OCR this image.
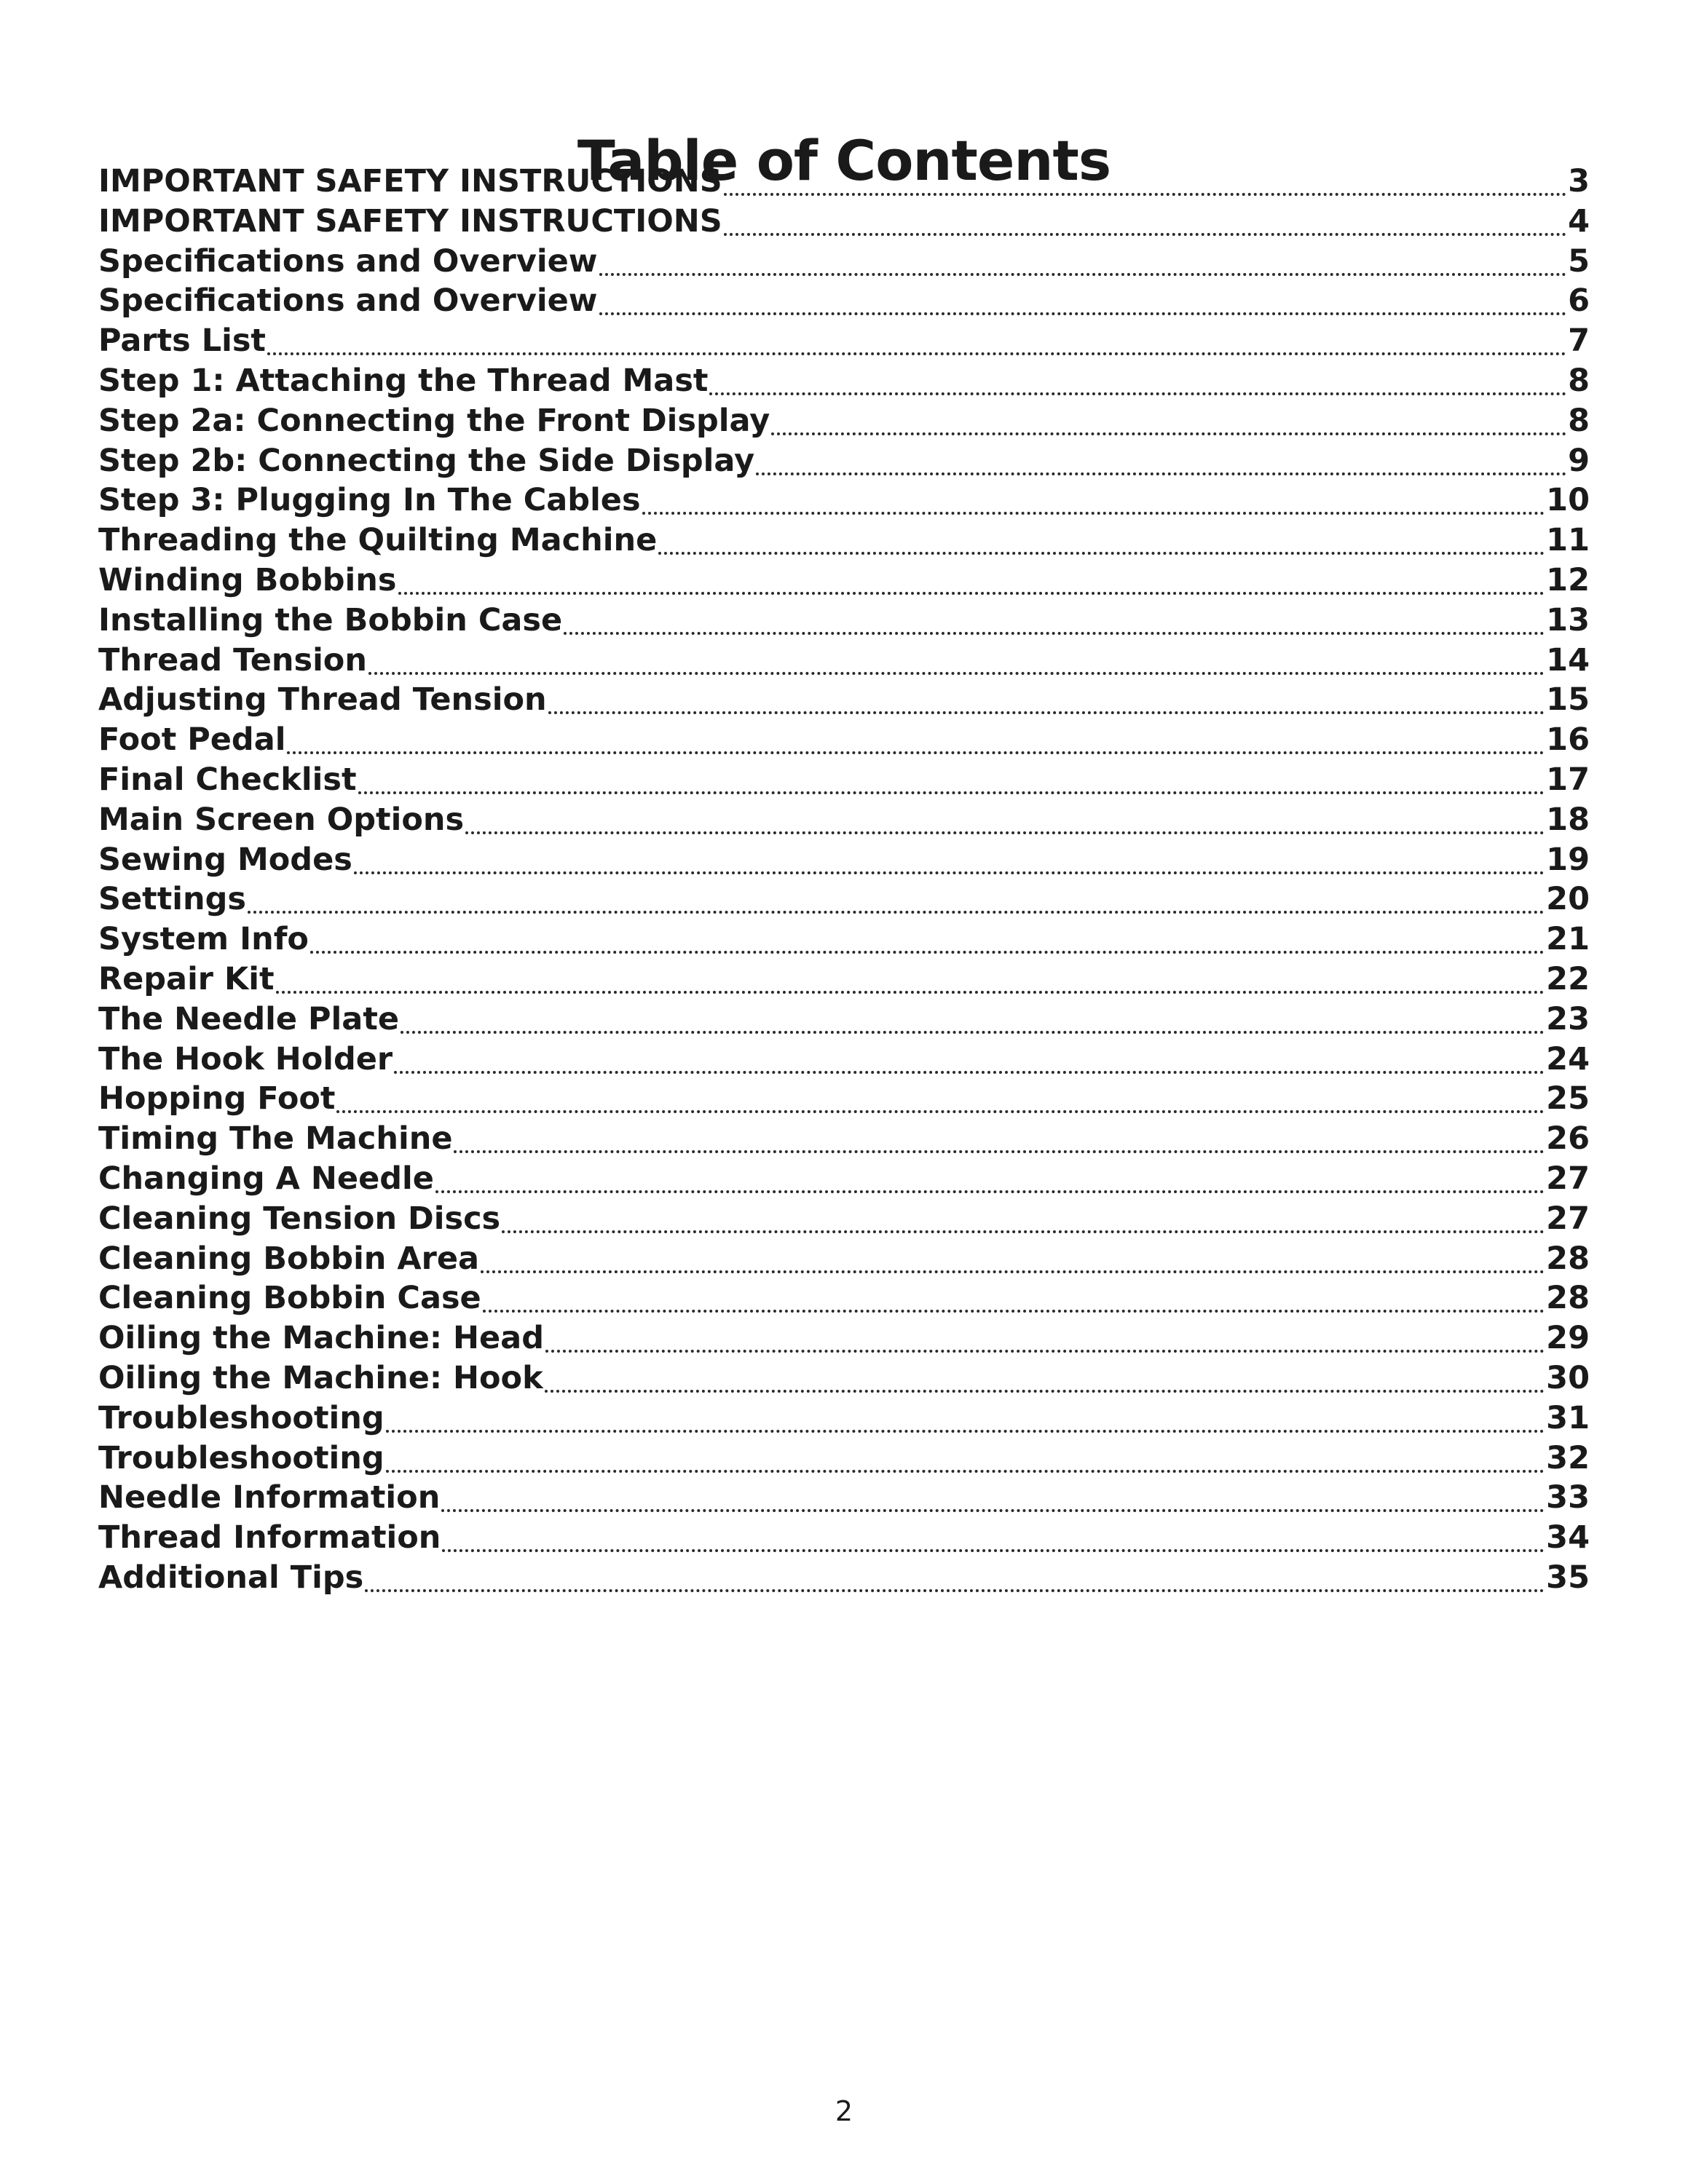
Table of Contents
IMPORTANT SAFETY INSTRUCTIONS	3
IMPORTANT SAFETY INSTRUCTIONS	4
Specifications and Overview	5
Specifications and Overview	6
Parts List	7
Step 1: Attaching the Thread Mast	8
Step 2a: Connecting the Front Display	8
Step 2b: Connecting the Side Display	9
Step 3: Plugging In The Cables	10
Threading the Quilting Machine	11
Winding Bobbins	12
Installing the Bobbin Case	13
Thread Tension	14
Adjusting Thread Tension	15
Foot Pedal	16
Final Checklist	17
Main Screen Options	18
Sewing Modes	19
Settings	20
System Info	21
Repair Kit	22
The Needle Plate	23
The Hook Holder	24
Hopping Foot	25
Timing The Machine	26
Changing A Needle	27
Cleaning Tension Discs	27
Cleaning Bobbin Area	28
Cleaning Bobbin Case	28
Oiling the Machine: Head	29
Oiling the Machine: Hook	30
Troubleshooting	31
Troubleshooting	32
Needle Information	33
Thread Information	34
Additional Tips	35
2
